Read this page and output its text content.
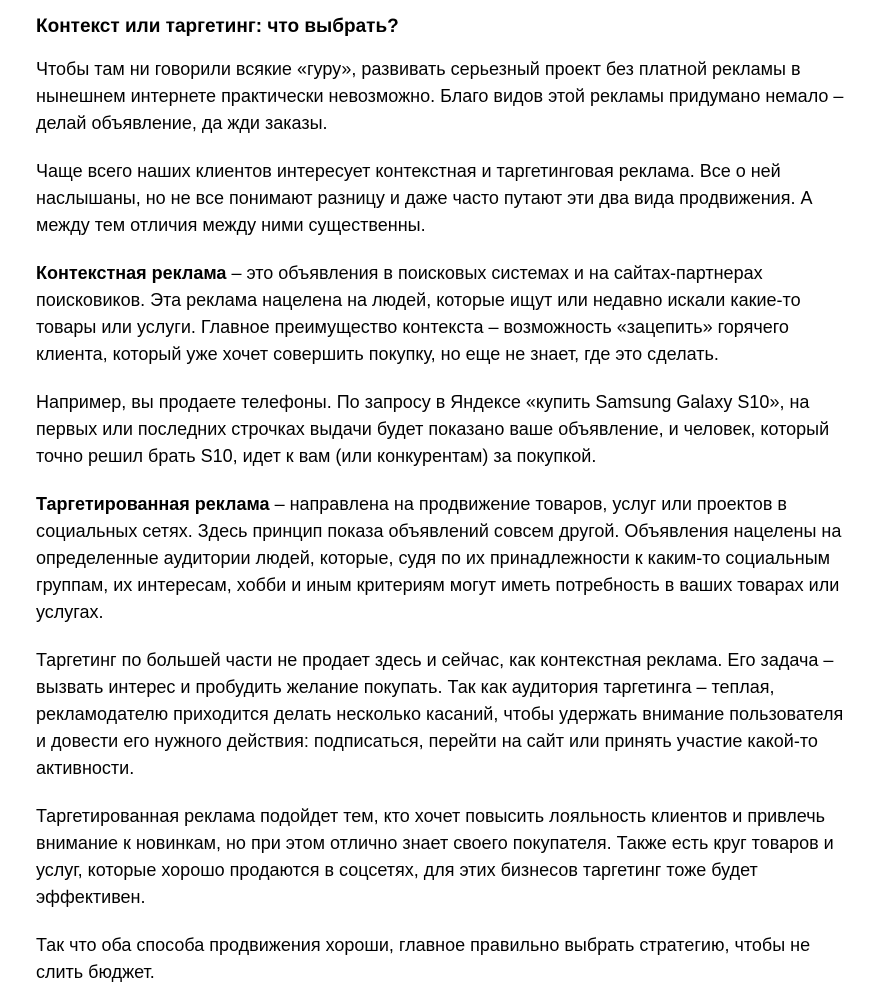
Контекст или таргетинг: что выбрать?

Чтобы там ни говорили всякие «гуру», развивать серьезный проект без платной рекламы в нынешнем интернете практически невозможно. Благо видов этой рекламы придумано немало – делай объявление, да жди заказы.

Чаще всего наших клиентов интересует контекстная и таргетинговая реклама. Все о ней наслышаны, но не все понимают разницу и даже часто путают эти два вида продвижения. А между тем отличия между ними существенны.

Контекстная реклама – это объявления в поисковых системах и на сайтах-партнерах поисковиков. Эта реклама нацелена на людей, которые ищут или недавно искали какие-то товары или услуги. Главное преимущество контекста – возможность «зацепить» горячего клиента, который уже хочет совершить покупку, но еще не знает, где это сделать.

Например, вы продаете телефоны. По запросу в Яндексе «купить Samsung Galaxy S10», на первых или последних строчках выдачи будет показано ваше объявление, и человек, который точно решил брать S10, идет к вам (или конкурентам) за покупкой.

Таргетированная реклама – направлена на продвижение товаров, услуг или проектов в социальных сетях. Здесь принцип показа объявлений совсем другой. Объявления нацелены на определенные аудитории людей, которые, судя по их принадлежности к каким-то социальным группам, их интересам, хобби и иным критериям могут иметь потребность в ваших товарах или услугах.

Таргетинг по большей части не продает здесь и сейчас, как контекстная реклама. Его задача – вызвать интерес и пробудить желание покупать. Так как аудитория таргетинга – теплая, рекламодателю приходится делать несколько касаний, чтобы удержать внимание пользователя и довести его нужного действия: подписаться, перейти на сайт или принять участие какой-то активности.

Таргетированная реклама подойдет тем, кто хочет повысить лояльность клиентов и привлечь внимание к новинкам, но при этом отлично знает своего покупателя. Также есть круг товаров и услуг, которые хорошо продаются в соцсетях, для этих бизнесов таргетинг тоже будет эффективен.

Так что оба способа продвижения хороши, главное правильно выбрать стратегию, чтобы не слить бюджет.
